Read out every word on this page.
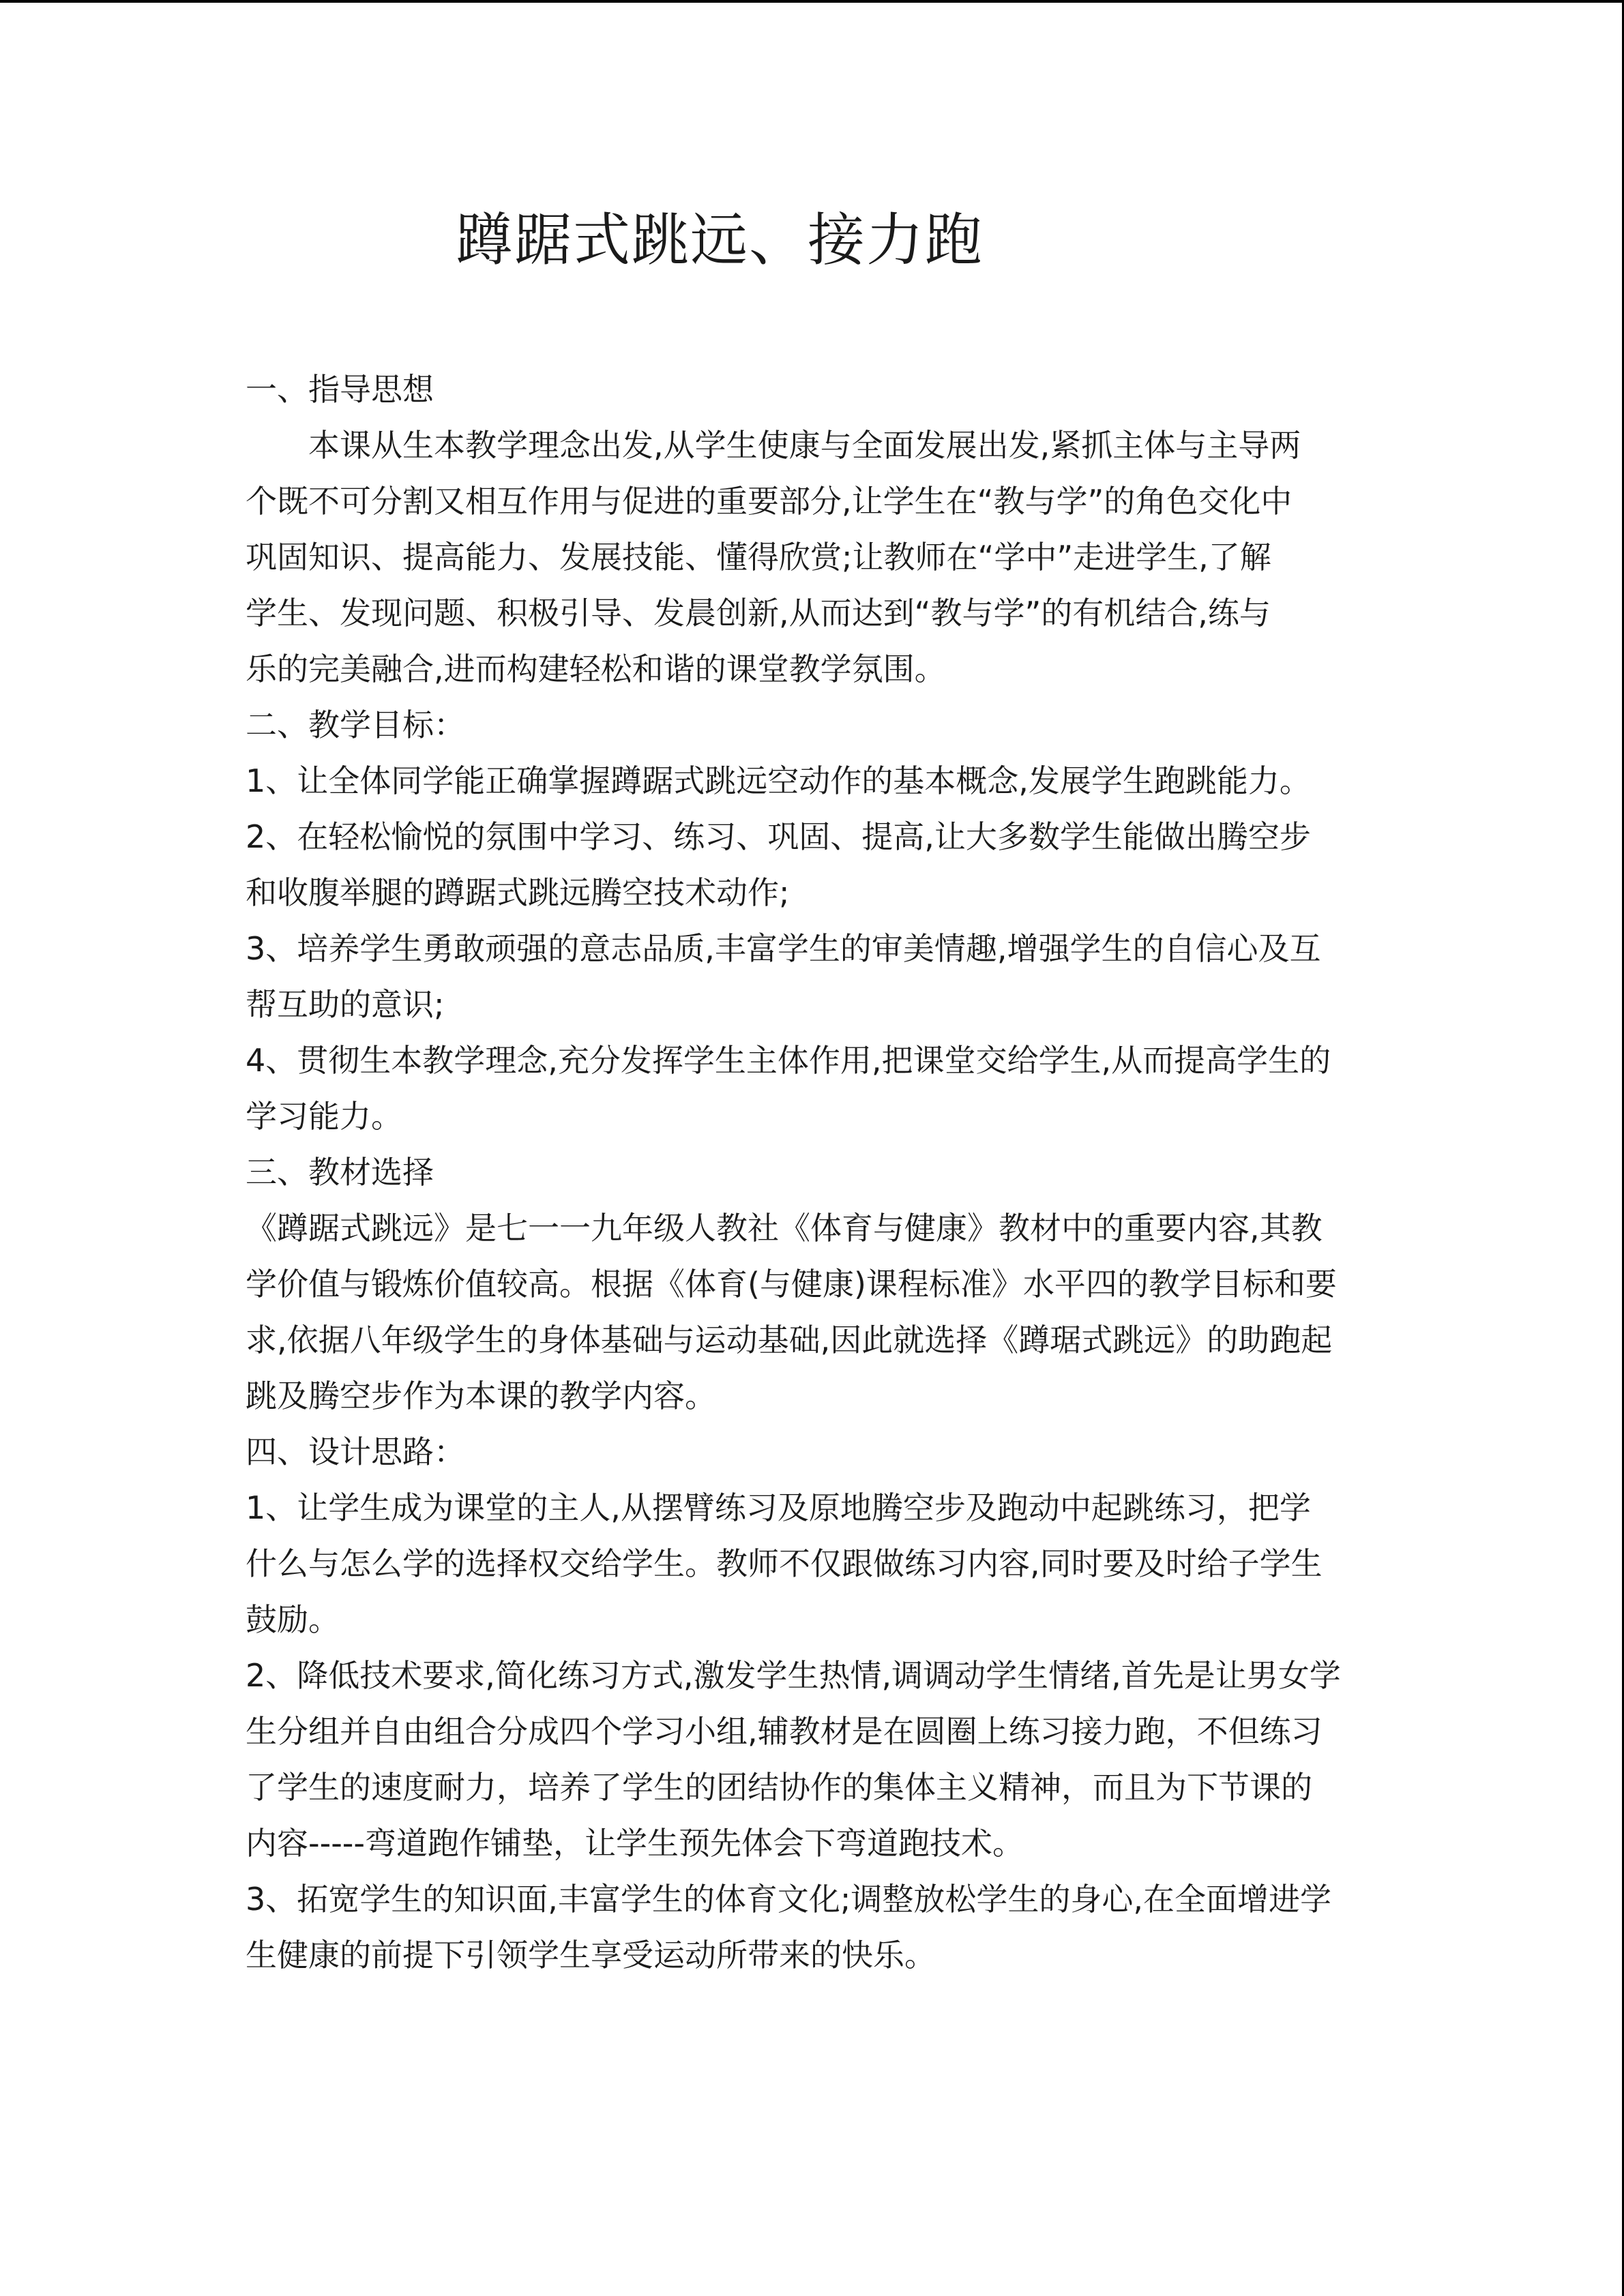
蹲踞式跳远、接力跑
一、指导思想
本课从生本教学理念出发,从学生使康与全面发展出发,紧抓主体与主导两
个既不可分割又相互作用与促进的重要部分,让学生在“教与学”的角色交化中
巩固知识、提高能力、发展技能、懂得欣赏;让教师在“学中”走进学生,了解
学生、发现问题、积极引导、发晨创新,从而达到“教与学”的有机结合,练与
乐的完美融合,进而构建轻松和谐的课堂教学氛围。
二、教学目标：
1、让全体同学能正确掌握蹲踞式跳远空动作的基本概念,发展学生跑跳能力。
2、在轻松愉悦的氛围中学习、练习、巩固、提高,让大多数学生能做出腾空步
和收腹举腿的蹲踞式跳远腾空技术动作;
3、培养学生勇敢顽强的意志品质,丰富学生的审美情趣,增强学生的自信心及互
帮互助的意识;
4、贯彻生本教学理念,充分发挥学生主体作用,把课堂交给学生,从而提高学生的
学习能力。
三、教材选择
《蹲踞式跳远》是七一一九年级人教社《体育与健康》教材中的重要内容,其教
学价值与锻炼价值较高。根据《体育(与健康)课程标准》水平四的教学目标和要
求,依据八年级学生的身体基础与运动基础,因此就选择《蹲琚式跳远》的助跑起
跳及腾空步作为本课的教学内容。
四、设计思路：
1、让学生成为课堂的主人,从摆臂练习及原地腾空步及跑动中起跳练习，把学
什么与怎么学的选择权交给学生。教师不仅跟做练习内容,同时要及时给子学生
鼓励。
2、降低技术要求,简化练习方式,激发学生热情,调调动学生情绪,首先是让男女学
生分组并自由组合分成四个学习小组,辅教材是在圆圈上练习接力跑，不但练习
了学生的速度耐力，培养了学生的团结协作的集体主义精神，而且为下节课的
内容-----弯道跑作铺垫，让学生预先体会下弯道跑技术。
3、拓宽学生的知识面,丰富学生的体育文化;调整放松学生的身心,在全面增进学
生健康的前提下引领学生享受运动所带来的快乐。
